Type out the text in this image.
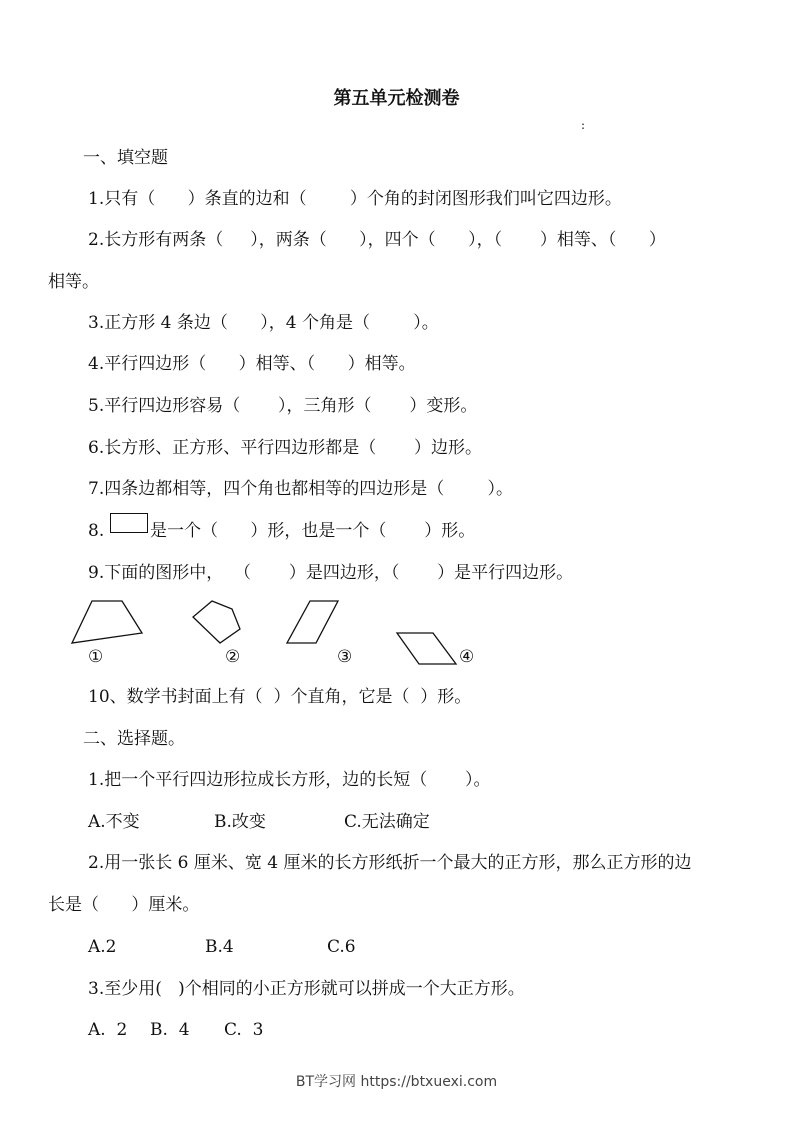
第五单元检测卷
:
一、填空题
1.只有（      ）条直的边和（        ）个角的封闭图形我们叫它四边形。
2.长方形有两条（     ），两条（      ），四个（      ），（       ）相等、（      ）
相等。
3.正方形 4 条边（      ），4 个角是（        ）。
4.平行四边形（      ）相等、（      ）相等。
5.平行四边形容易（       ），三角形（       ）变形。
6.长方形、正方形、平行四边形都是（       ）边形。
7.四条边都相等，四个角也都相等的四边形是（        ）。
8.	是一个（      ）形，也是一个（       ）形。
9.下面的图形中，  （       ）是四边形，（       ）是平行四边形。
①	②	③	④
10、数学书封面上有（  ）个直角，它是（  ）形。
二、选择题。
1.把一个平行四边形拉成长方形，边的长短（       ）。
A.不变	B.改变	C.无法确定
2.用一张长 6 厘米、宽 4 厘米的长方形纸折一个最大的正方形，那么正方形的边
长是（      ）厘米。
A.2	B.4	C.6
3.至少用(   )个相同的小正方形就可以拼成一个大正方形。
A.  2 B.  4 C.  3
BT学习网 https://btxuexi.com
